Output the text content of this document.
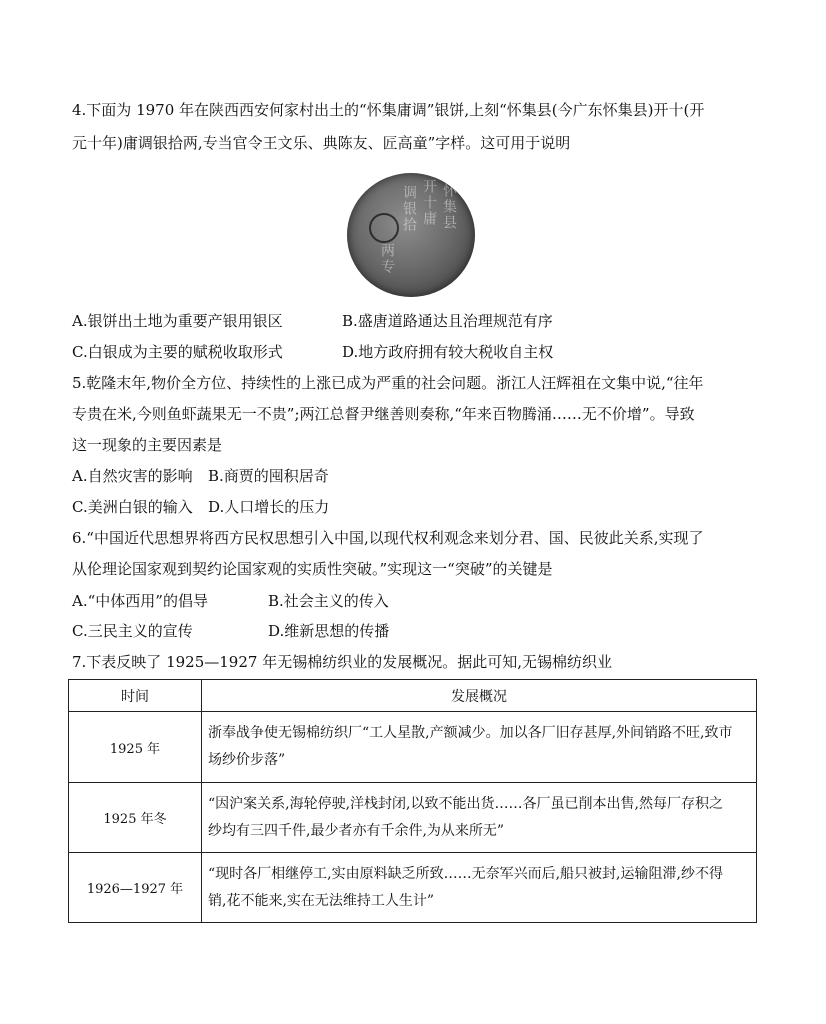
4.下面为 1970 年在陕西西安何家村出土的“怀集庸调”银饼,上刻“怀集县(今广东怀集县)开十(开
元十年)庸调银拾两,专当官令王文乐、典陈友、匠高童”字样。这可用于说明
怀集县
开十庸
调银拾
两专
A.银饼出土地为重要产银用银区	B.盛唐道路通达且治理规范有序
C.白银成为主要的赋税收取形式	D.地方政府拥有较大税收自主权
5.乾隆末年,物价全方位、持续性的上涨已成为严重的社会问题。浙江人汪辉祖在文集中说,“往年
专贵在米,今则鱼虾蔬果无一不贵”;两江总督尹继善则奏称,“年来百物腾涌……无不价增”。导致
这一现象的主要因素是
A.自然灾害的影响	B.商贾的囤积居奇
C.美洲白银的输入	D.人口增长的压力
6.“中国近代思想界将西方民权思想引入中国,以现代权利观念来划分君、国、民彼此关系,实现了
从伦理论国家观到契约论国家观的实质性突破。”实现这一“突破”的关键是
A.“中体西用”的倡导	B.社会主义的传入
C.三民主义的宣传	D.维新思想的传播
7.下表反映了 1925—1927 年无锡棉纺织业的发展概况。据此可知,无锡棉纺织业
时间	发展概况
1925 年	浙奉战争使无锡棉纺织厂“工人星散,产额减少。加以各厂旧存甚厚,外间销路不旺,致市
场纱价步落”

1925 年冬	“因沪案关系,海轮停驶,洋栈封闭,以致不能出货……各厂虽已削本出售,然每厂存积之
纱均有三四千件,最少者亦有千余件,为从来所无”

1926—1927 年	“现时各厂相继停工,实由原料缺乏所致……无奈军兴而后,船只被封,运输阻滞,纱不得
销,花不能来,实在无法维持工人生计”
